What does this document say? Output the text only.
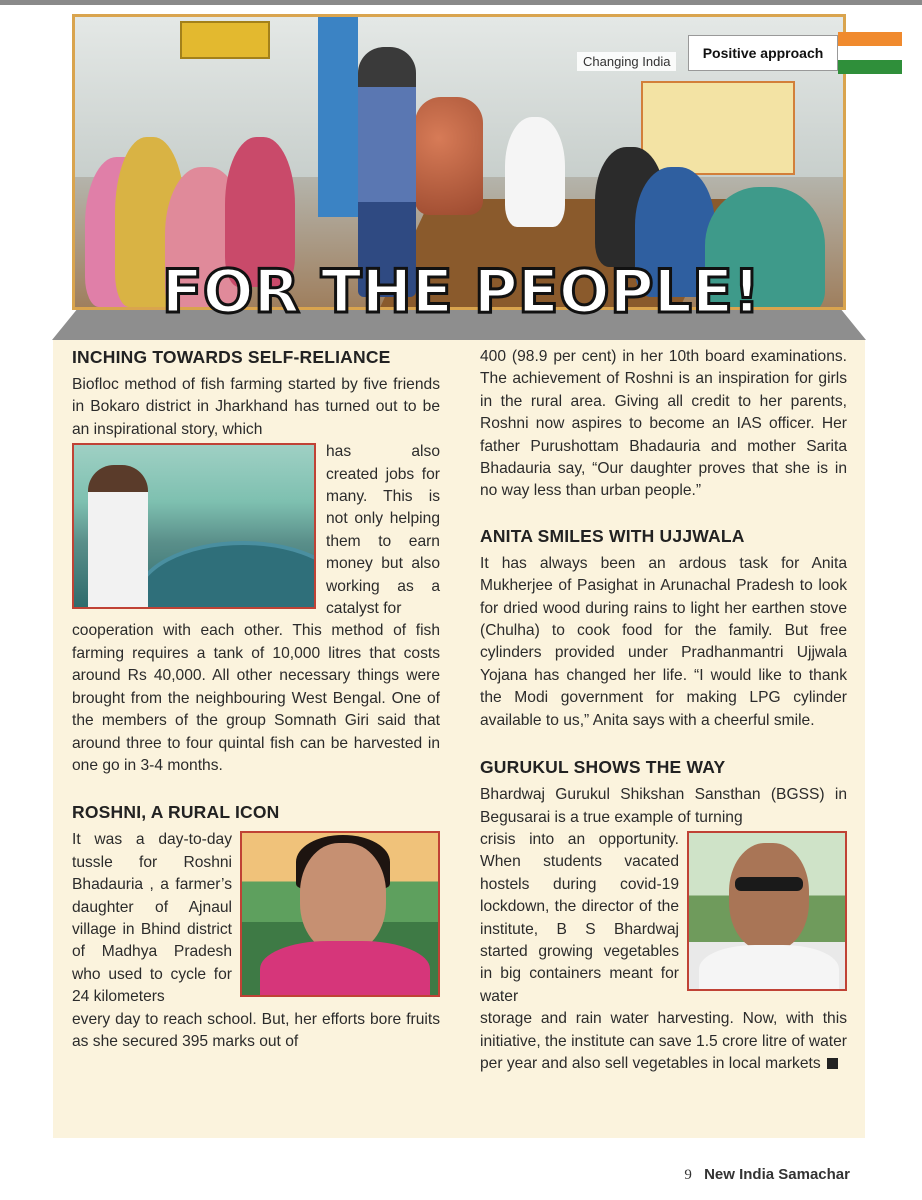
Changing India
Positive approach
FOR THE PEOPLE!
INCHING TOWARDS SELF-RELIANCE

Biofloc method of fish farming started by five friends in Bokaro district in Jharkhand has turned out to be an inspirational story, which

has also created jobs for many. This is not only helping them to earn money but also working as a catalyst for

cooperation with each other. This method of fish farming requires a tank of 10,000 litres that costs around Rs 40,000. All other necessary things were brought from the neighbouring West Bengal. One of the members of the group Somnath Giri said that around three to four quintal fish can be harvested in one go in 3-4 months.

ROSHNI, A RURAL ICON

It was a day-to-day tussle for Roshni Bhadauria , a farmer’s daughter of Ajnaul village in Bhind district of Madhya Pradesh who used to cycle for 24 kilometers

every day to reach school. But, her efforts bore fruits as she secured 395 marks out of

400 (98.9 per cent) in her 10th board examinations. The achievement of Roshni is an inspiration for girls in the rural area. Giving all credit to her parents, Roshni now aspires to become an IAS officer. Her father Purushottam Bhadauria and mother Sarita Bhadauria say, “Our daughter proves that she is in no way less than urban people.”

ANITA SMILES WITH UJJWALA

It has always been an ardous task for Anita Mukherjee of Pasighat in Arunachal Pradesh to look for dried wood during rains to light her earthen stove (Chulha) to cook food for the family. But free cylinders provided under Pradhanmantri Ujjwala Yojana has changed her life. “I would like to thank the Modi government for making LPG cylinder available to us,” Anita says with a cheerful smile.

GURUKUL SHOWS THE WAY

Bhardwaj Gurukul Shikshan Sansthan (BGSS) in Begusarai is a true example of turning

crisis into an opportunity. When students vacated hostels during covid-19 lockdown, the director of the institute, B S Bhardwaj started growing vegetables in big containers meant for water

storage and rain water harvesting. Now, with this initiative, the institute can save 1.5 crore litre of water per year and also sell vegetables in local markets

9 New India Samachar
